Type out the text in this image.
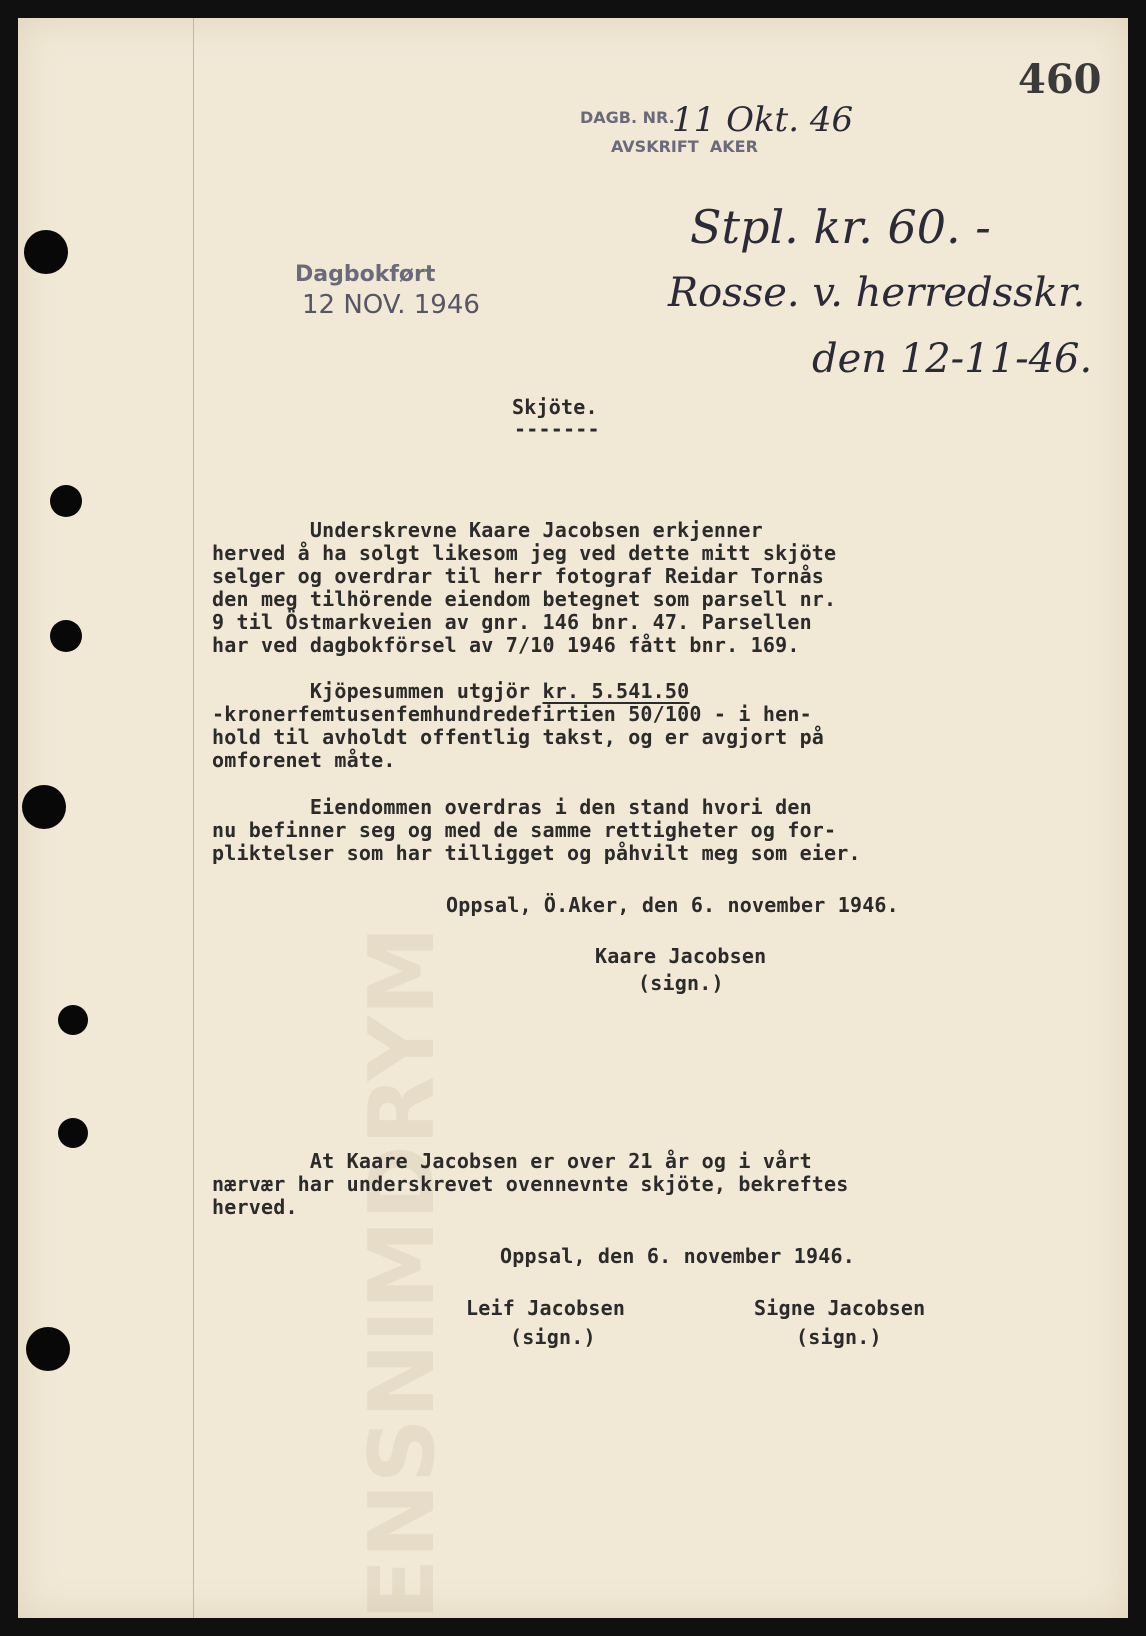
ENSNIMDRYM
460
DAGB. NR.
11 Okt. 46
AVSKRIFT  AKER
Dagbokført
12 NOV. 1946
Stpl. kr. 60. -
Rosse. v. herredsskr.
den 12-11-46.
Skjöte.
-------
Underskrevne Kaare Jacobsen erkjenner
herved å ha solgt likesom jeg ved dette mitt skjöte
selger og overdrar til herr fotograf Reidar Tornås
den meg tilhörende eiendom betegnet som parsell nr.
9 til Östmarkveien av gnr. 146 bnr. 47. Parsellen
har ved dagbokförsel av 7/10 1946 fått bnr. 169.
Kjöpesummen utgjör kr. 5.541.50
-kronerfemtusenfemhundredefirtien 50/100 - i hen-
hold til avholdt offentlig takst, og er avgjort på
omforenet måte.
Eiendommen overdras i den stand hvori den
nu befinner seg og med de samme rettigheter og for-
pliktelser som har tilligget og påhvilt meg som eier.
Oppsal, Ö.Aker, den 6. november 1946.
Kaare Jacobsen
(sign.)
At Kaare Jacobsen er over 21 år og i vårt
nærvær har underskrevet ovennevnte skjöte, bekreftes
herved.
Oppsal, den 6. november 1946.
Leif Jacobsen
(sign.)
Signe Jacobsen
(sign.)
